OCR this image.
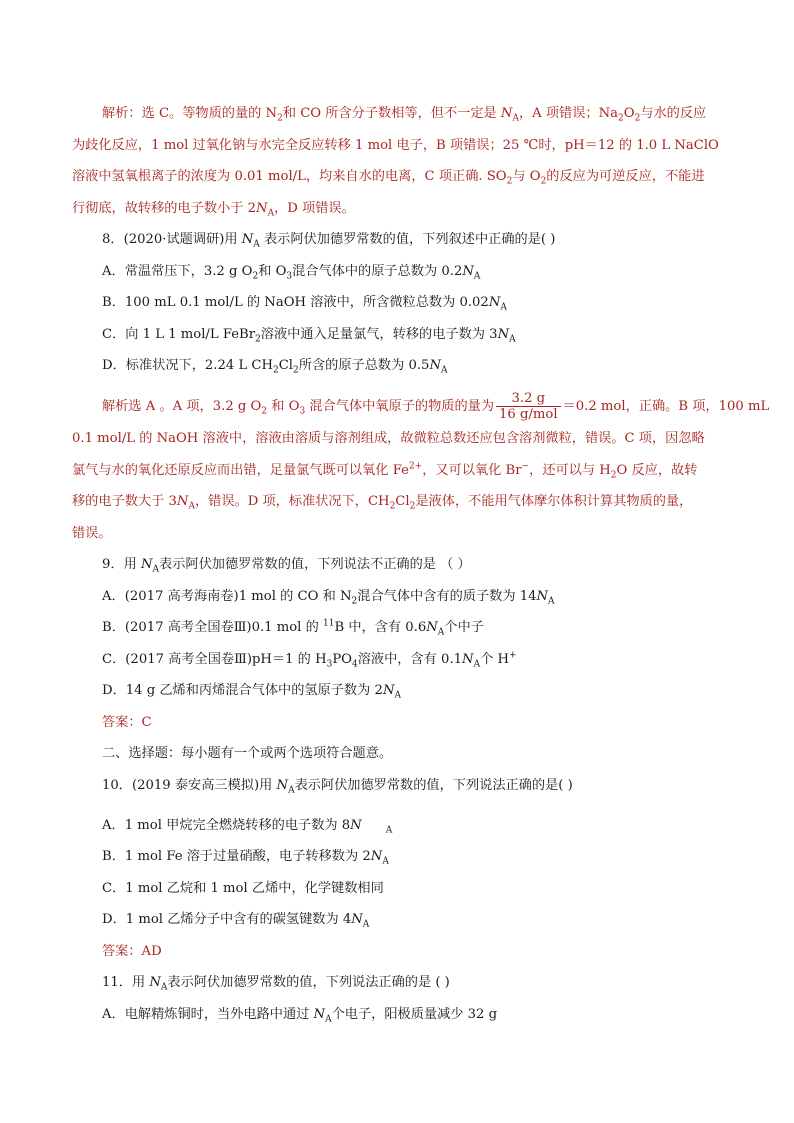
解析：选 C。等物质的量的 $N_2$和 CO 所含分子数相等，但不一定是 $N_A$，A 项错误；$Na_2O_2$与水的反应
为歧化反应，1 mol 过氧化钠与水完全反应转移 1 mol 电子，B 项错误；25 ℃时，pH＝12 的 1.0 L NaClO
溶液中氢氧根离子的浓度为 0.01 mol/L，均来自水的电离，C 项正确. $SO_2$与 $O_2$的反应为可逆反应，不能进
行彻底，故转移的电子数小于 $2N_A$，D 项错误。
8．(2020·试题调研)用 $N_A$ 表示阿伏加德罗常数的值，下列叙述中正确的是( )
A．常温常压下，3.2 g $O_2$和 $O_3$混合气体中的原子总数为 $0.2N_A$
B．100 mL 0.1 mol/L 的 NaOH 溶液中，所含微粒总数为 $0.02N_A$
C．向 1 L 1 mol/L FeBr$_2$溶液中通入足量氯气，转移的电子数为 $3N_A$
D．标准状况下，2.24 L $CH_2Cl_2$所含的原子总数为 $0.5N_A$
解析选 A 。A 项，3.2 g $O_2$ 和 $O_3$ 混合气体中氧原子的物质的量为 $\frac{3.2 g}{\text{16 g/mol}} =0.2$ mol，正确。B 项，100 mL
0.1 mol/L 的 NaOH 溶液中，溶液由溶质与溶剂组成，故微粒总数还应包含溶剂微粒，错误。C 项，因忽略
氯气与水的氧化还原反应而出错，足量氯气既可以氧化 $Fe^{2+}$，又可以氧化 Br−，还可以与 $H_2O$ 反应，故转
移的电子数大于 $3N_A$，错误。D 项，标准状况下，$CH_2Cl_2$是液体，不能用气体摩尔体积计算其物质的量，
错误。
9．用 $N_A$表示阿伏加德罗常数的值，下列说法不正确的是 （ ）
A．(2017 高考海南卷)1 mol 的 CO 和 $N_2$混合气体中含有的质子数为 $14N_A$
B．(2017 高考全国卷Ⅲ)0.1 mol 的 $^{11}$B 中，含有 $0.6N_A$个中子
C．(2017 高考全国卷Ⅲ)pH＝1 的 $H_3PO_4$溶液中，含有 $0.1N_A$个 H+
D．14 g 乙烯和丙烯混合气体中的氢原子数为 $2N_A$
答案：C
二、选择题：每小题有一个或两个选项符合题意。
10．(2019 泰安高三模拟)用 $N_A$表示阿伏加德罗常数的值，下列说法正确的是( )
A．1 mol 甲烷完全燃烧转移的电子数为 8N	$_A$
B．1 mol Fe 溶于过量硝酸，电子转移数为 $2N_A$
C．1 mol 乙烷和 1 mol 乙烯中，化学键数相同
D．1 mol 乙烯分子中含有的碳氢键数为 $4N_A$
答案：AD
11．用 $N_A$表示阿伏加德罗常数的值，下列说法正确的是 ( )
A．电解精炼铜时，当外电路中通过 $N_A$个电子，阳极质量减少 32 g
